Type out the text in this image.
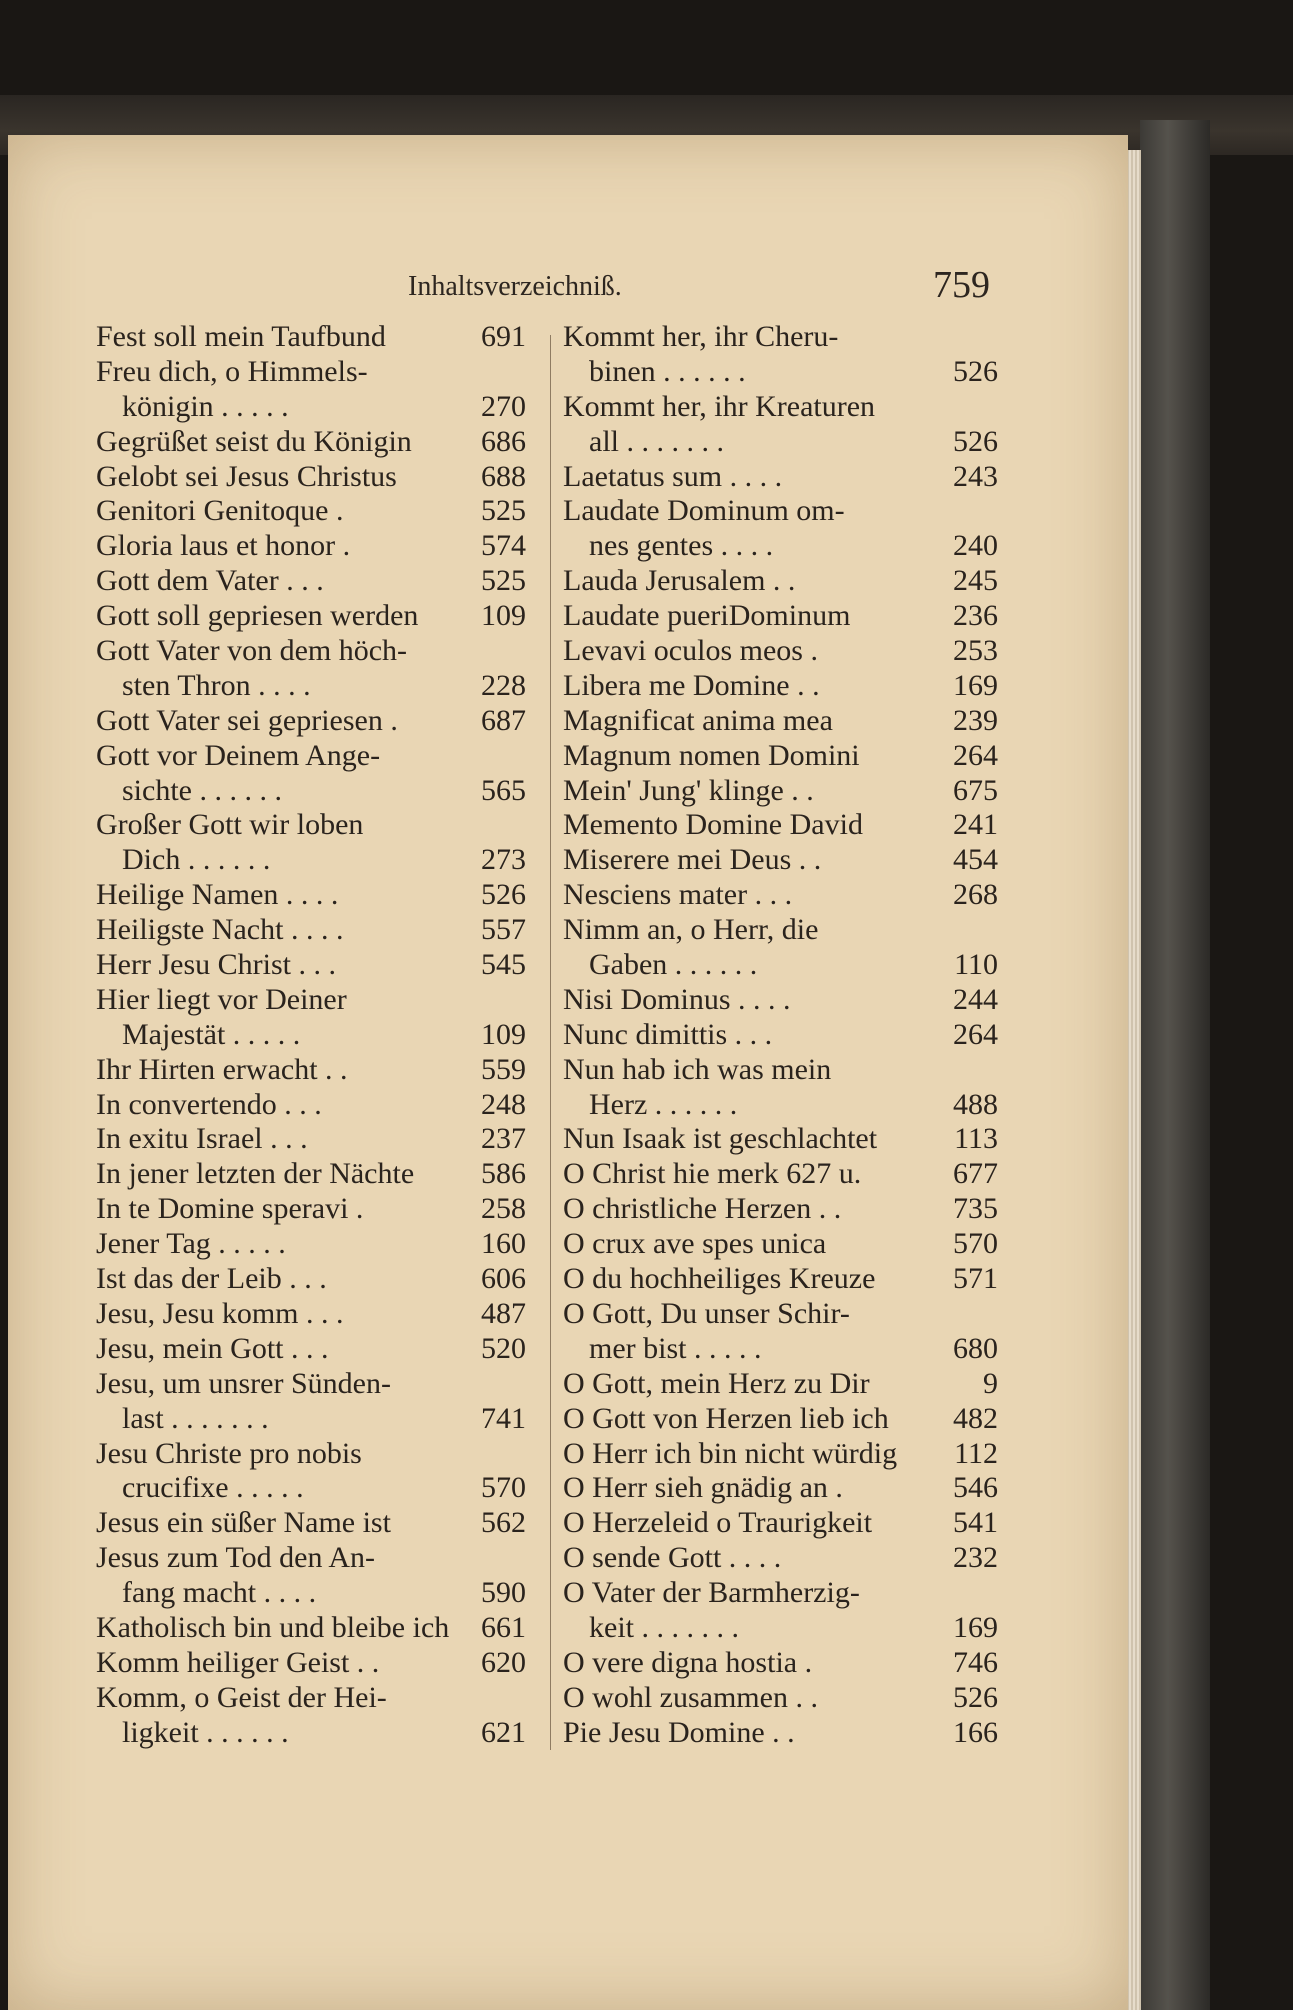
Inhaltsverzeichniß.	759
Fest soll mein Taufbund	691
Freu dich, o Himmels-
königin . . . . .	270
Gegrüßet seist du Königin 686
Gelobt sei Jesus Christus	688
Genitori Genitoque .	525
Gloria laus et honor .	574
Gott dem Vater . . .	525
Gott soll gepriesen werden 109
Gott Vater von dem höch-
sten Thron . . . .	228
Gott Vater sei gepriesen .	687
Gott vor Deinem Ange-
sichte . . . . . .	565
Großer Gott wir loben
Dich . . . . . .	273
Heilige Namen . . . .	526
Heiligste Nacht . . . .	557
Herr Jesu Christ . . .	545
Hier liegt vor Deiner
Majestät . . . . .	109
Ihr Hirten erwacht . .	559
In convertendo . . .	248
In exitu Israel . . .	237
In jener letzten der Nächte 586
In te Domine speravi .	258
Jener Tag . . . . .	160
Ist das der Leib . . .	606
Jesu, Jesu komm . . .	487
Jesu, mein Gott . . .	520
Jesu, um unsrer Sünden-
last . . . . . . .	741
Jesu Christe pro nobis
crucifixe . . . . .	570
Jesus ein süßer Name ist	562
Jesus zum Tod den An-
fang macht . . . .	590
Katholisch bin und bleibe ich 661
Komm heiliger Geist . .	620
Komm, o Geist der Hei-
ligkeit . . . . . .	621
Kommt her, ihr Cheru-
binen . . . . . .	526
Kommt her, ihr Kreaturen
all . . . . . . .	526
Laetatus sum . . . .	243
Laudate Dominum om-
nes gentes . . . .	240
Lauda Jerusalem . .	245
Laudate pueriDominum	236
Levavi oculos meos .	253
Libera me Domine . .	169
Magnificat anima mea	239
Magnum nomen Domini	264
Mein' Jung' klinge . .	675
Memento Domine David	241
Miserere mei Deus . .	454
Nesciens mater . . .	268
Nimm an, o Herr, die
Gaben . . . . . .	110
Nisi Dominus . . . .	244
Nunc dimittis . . .	264
Nun hab ich was mein
Herz . . . . . .	488
Nun Isaak ist geschlachtet	113
O Christ hie merk 627 u.	677
O christliche Herzen . .	735
O crux ave spes unica	570
O du hochheiliges Kreuze	571
O Gott, Du unser Schir-
mer bist . . . . .	680
O Gott, mein Herz zu Dir	9
O Gott von Herzen lieb ich 482
O Herr ich bin nicht würdig 112
O Herr sieh gnädig an .	546
O Herzeleid o Traurigkeit	541
O sende Gott . . . .	232
O Vater der Barmherzig-
keit . . . . . . .	169
O vere digna hostia .	746
O wohl zusammen . .	526
Pie Jesu Domine . .	166
